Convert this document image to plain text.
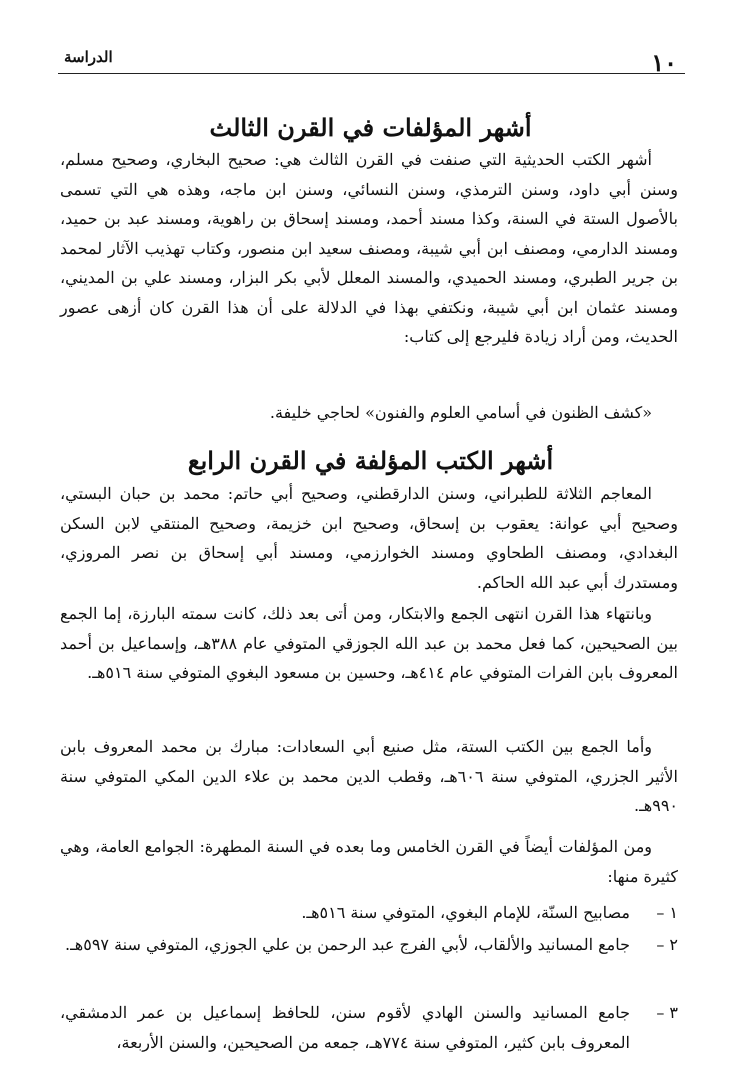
١٠
الدراسة
أشهر المؤلفات في القرن الثالث

أشهر الكتب الحديثية التي صنفت في القرن الثالث هي: صحيح البخاري، وصحيح مسلم، وسنن أبي داود، وسنن الترمذي، وسنن النسائي، وسنن ابن ماجه، وهذه هي التي تسمى بالأصول الستة في السنة، وكذا مسند أحمد، ومسند إسحاق بن راهوية، ومسند عبد بن حميد، ومسند الدارمي، ومصنف ابن أبي شيبة، ومصنف سعيد ابن منصور، وكتاب تهذيب الآثار لمحمد بن جرير الطبري، ومسند الحميدي، والمسند المعلل لأبي بكر البزار، ومسند علي بن المديني، ومسند عثمان ابن أبي شيبة، ونكتفي بهذا في الدلالة على أن هذا القرن كان أزهى عصور الحديث، ومن أراد زيادة فليرجع إلى كتاب:

«كشف الظنون في أسامي العلوم والفنون» لحاجي خليفة.

أشهر الكتب المؤلفة في القرن الرابع

المعاجم الثلاثة للطبراني، وسنن الدارقطني، وصحيح أبي حاتم: محمد بن حبان البستي، وصحيح أبي عوانة: يعقوب بن إسحاق، وصحيح ابن خزيمة، وصحيح المنتقي لابن السكن البغدادي، ومصنف الطحاوي ومسند الخوارزمي، ومسند أبي إسحاق بن نصر المروزي، ومستدرك أبي عبد الله الحاكم.

وبانتهاء هذا القرن انتهى الجمع والابتكار، ومن أتى بعد ذلك، كانت سمته البارزة، إما الجمع بين الصحيحين، كما فعل محمد بن عبد الله الجوزقي المتوفي عام ٣٨٨هـ، وإسماعيل بن أحمد المعروف بابن الفرات المتوفي عام ٤١٤هـ، وحسين بن مسعود البغوي المتوفي سنة ٥١٦هـ.

وأما الجمع بين الكتب الستة، مثل صنيع أبي السعادات: مبارك بن محمد المعروف بابن الأثير الجزري، المتوفي سنة ٦٠٦هـ، وقطب الدين محمد بن علاء الدين المكي المتوفي سنة ٩٩٠هـ.

ومن المؤلفات أيضاً في القرن الخامس وما بعده في السنة المطهرة: الجوامع العامة، وهي كثيرة منها:

١ –
مصابيح السنّة، للإمام البغوي، المتوفي سنة ٥١٦هـ.
٢ –
جامع المسانيد والألقاب، لأبي الفرج عبد الرحمن بن علي الجوزي، المتوفي سنة ٥٩٧هـ.
٣ –
جامع المسانيد والسنن الهادي لأقوم سنن، للحافظ إسماعيل بن عمر الدمشقي، المعروف بابن كثير، المتوفي سنة ٧٧٤هـ، جمعه من الصحيحين، والسنن الأربعة،
